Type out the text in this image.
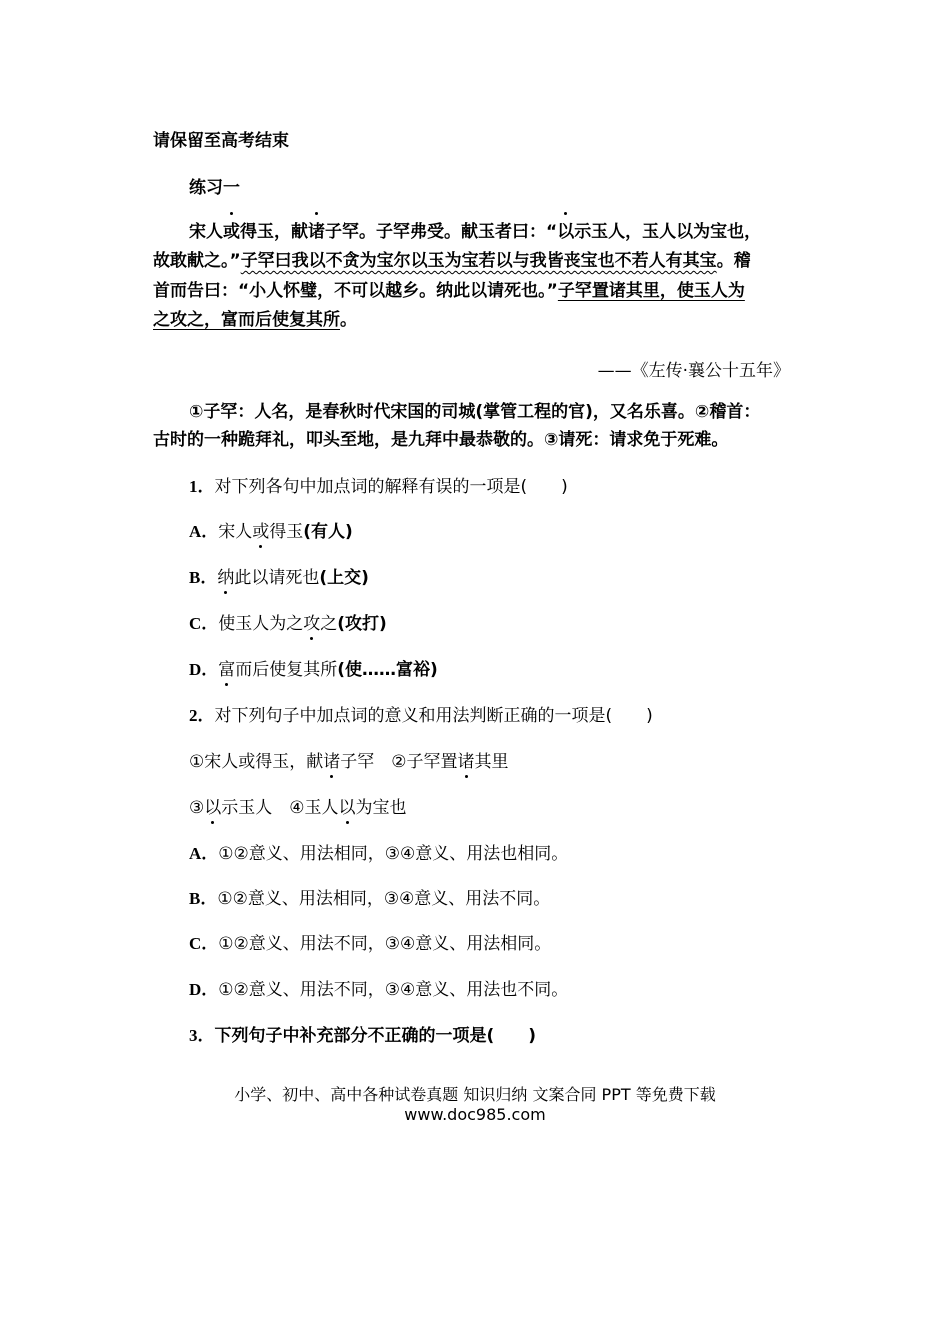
请保留至高考结束
练习一
宋人或得玉，献诸子罕。子罕弗受。献玉者曰：“以示玉人，玉人以为宝也，
故敢献之。”子罕曰我以不贪为宝尔以玉为宝若以与我皆丧宝也不若人有其宝。稽
首而告曰：“小人怀璧，不可以越乡。纳此以请死也。”子罕置诸其里，使玉人为
之攻之，富而后使复其所。
——《左传·襄公十五年》
①子罕：人名，是春秋时代宋国的司城(掌管工程的官)，又名乐喜。②稽首：
古时的一种跪拜礼，叩头至地，是九拜中最恭敬的。③请死：请求免于死难。
1．对下列各句中加点词的解释有误的一项是(　　)
A．宋人或得玉(有人)
B．纳此以请死也(上交)
C．使玉人为之攻之(攻打)
D．富而后使复其所(使……富裕)
2．对下列句子中加点词的意义和用法判断正确的一项是(　　)
①宋人或得玉，献诸子罕　②子罕置诸其里
③以示玉人　④玉人以为宝也
A．①②意义、用法相同，③④意义、用法也相同。
B．①②意义、用法相同，③④意义、用法不同。
C．①②意义、用法不同，③④意义、用法相同。
D．①②意义、用法不同，③④意义、用法也不同。
3．下列句子中补充部分不正确的一项是(　　)
小学、初中、高中各种试卷真题 知识归纳 文案合同 PPT 等免费下载
www.doc985.com
